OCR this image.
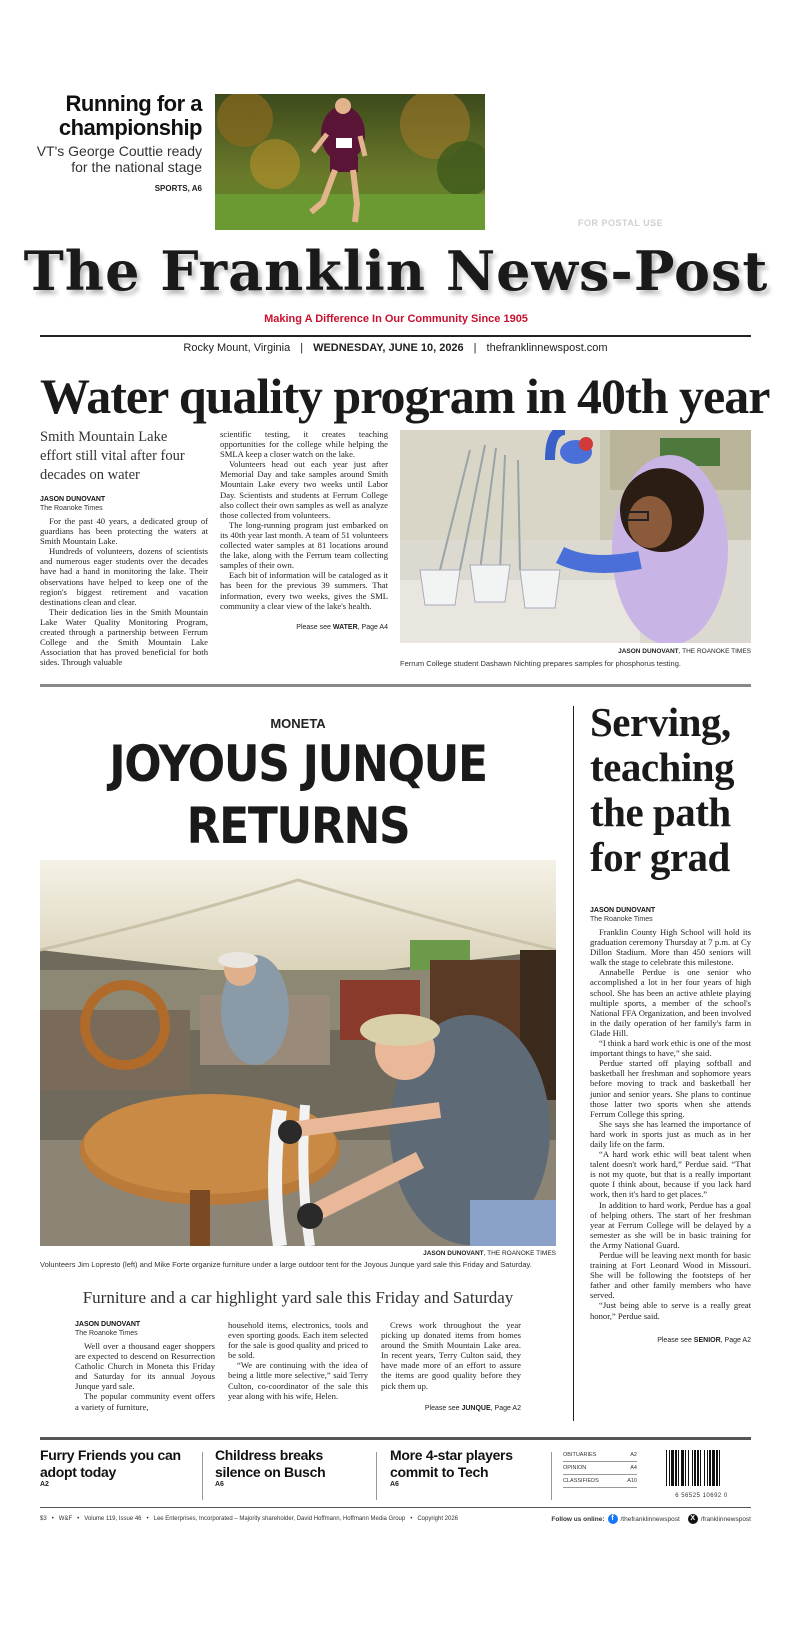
Running for a championship
VT's George Couttie ready for the national stage
SPORTS, A6
FOR POSTAL USE
The Franklin News-Post
Making A Difference In Our Community Since 1905
Rocky Mount, Virginia | WEDNESDAY, JUNE 10, 2026 | thefranklinnewspost.com
Water quality program in 40th year
Smith Mountain Lake effort still vital after four decades on water
JASON DUNOVANT
The Roanoke Times

For the past 40 years, a dedicated group of guardians has been protecting the waters at Smith Mountain Lake.

Hundreds of volunteers, dozens of scientists and numerous eager students over the decades have had a hand in monitoring the lake. Their observations have helped to keep one of the region's biggest retirement and vacation destinations clean and clear.

Their dedication lies in the Smith Mountain Lake Water Quality Monitoring Program, created through a partnership between Ferrum College and the Smith Mountain Lake Association that has proved beneficial for both sides. Through valuable

scientific testing, it creates teaching opportunities for the college while helping the SMLA keep a closer watch on the lake.

Volunteers head out each year just after Memorial Day and take samples around Smith Mountain Lake every two weeks until Labor Day. Scientists and students at Ferrum College also collect their own samples as well as analyze those collected from volunteers.

The long-running program just embarked on its 40th year last month. A team of 51 volunteers collected water samples at 81 locations around the lake, along with the Ferrum team collecting samples of their own.

Each bit of information will be cataloged as it has been for the previous 39 summers. That information, every two weeks, gives the SML community a clear view of the lake's health.

Please see WATER, Page A4
JASON DUNOVANT, THE ROANOKE TIMES
Ferrum College student Dashawn Nichting prepares samples for phosphorus testing.
MONETA
JOYOUS JUNQUE RETURNS
JASON DUNOVANT, THE ROANOKE TIMES
Volunteers Jim Lopresto (left) and Mike Forte organize furniture under a large outdoor tent for the Joyous Junque yard sale this Friday and Saturday.
Furniture and a car highlight yard sale this Friday and Saturday
JASON DUNOVANT
The Roanoke Times

Well over a thousand eager shoppers are expected to descend on Resurrection Catholic Church in Moneta this Friday and Saturday for its annual Joyous Junque yard sale.

The popular community event offers a variety of furniture,

household items, electronics, tools and even sporting goods. Each item selected for the sale is good quality and priced to be sold.

“We are continuing with the idea of being a little more selective,” said Terry Culton, co-coordinator of the sale this year along with his wife, Helen.

Crews work throughout the year picking up donated items from homes around the Smith Mountain Lake area. In recent years, Terry Culton said, they have made more of an effort to assure the items are good quality before they pick them up.

Please see JUNQUE, Page A2
Serving, teaching the path for grad
JASON DUNOVANT
The Roanoke Times

Franklin County High School will hold its graduation ceremony Thursday at 7 p.m. at Cy Dillon Stadium. More than 450 seniors will walk the stage to celebrate this milestone.

Annabelle Perdue is one senior who accomplished a lot in her four years of high school. She has been an active athlete playing multiple sports, a member of the school's National FFA Organization, and been involved in the daily operation of her family's farm in Glade Hill.

“I think a hard work ethic is one of the most important things to have,” she said.

Perdue started off playing softball and basketball her freshman and sophomore years before moving to track and basketball her junior and senior years. She plans to continue those latter two sports when she attends Ferrum College this spring.

She says she has learned the importance of hard work in sports just as much as in her daily life on the farm.

“A hard work ethic will beat talent when talent doesn't work hard,” Perdue said. “That is not my quote, but that is a really important quote I think about, because if you lack hard work, then it's hard to get places.”

In addition to hard work, Perdue has a goal of helping others. The start of her freshman year at Ferrum College will be delayed by a semester as she will be in basic training for the Army National Guard.

Perdue will be leaving next month for basic training at Fort Leonard Wood in Missouri. She will be following the footsteps of her father and other family members who have served.

“Just being able to serve is a really great honor,” Perdue said.

Please see SENIOR, Page A2
Furry Friends you can adopt today
A2
Childress breaks silence on Busch
A6
More 4-star players commit to Tech
A6
OBITUARIES	A2
OPINION	A4
CLASSIFIEDS	A10
6 56525 10692 0
$3 • W&F • Volume 119, Issue 46 • Lee Enterprises, Incorporated – Majority shareholder, David Hoffmann, Hoffmann Media Group • Copyright 2026	Follow us online: f	/thefranklinnewspost	X /franklinnewspost
